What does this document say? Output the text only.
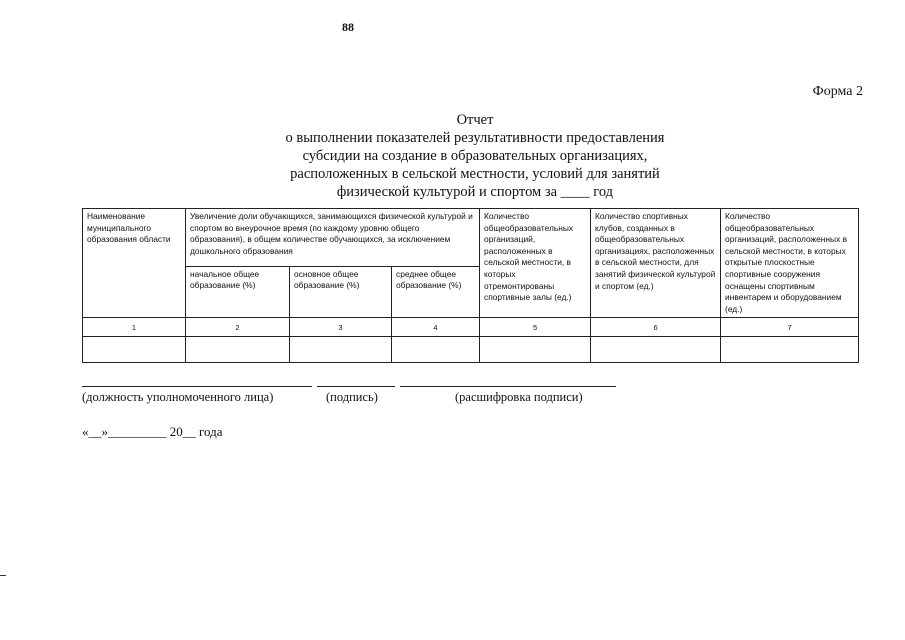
88
Форма 2
Отчет
о выполнении показателей результативности предоставления
субсидии на создание в образовательных организациях,
расположенных в сельской местности, условий для занятий
физической культурой и спортом за ____ год
Наименование муниципального образования области	Увеличение доли обучающихся, занимающихся физической культурой и спортом во внеурочное время (по каждому уровню общего образования), в общем количестве обучающихся, за исключением дошкольного образования			Количество общеобразовательных организаций, расположенных в сельской местности, в которых отремонтированы спортивные залы (ед.)	Количество спортивных клубов, созданных в общеобразовательных организациях, расположенных в сельской местности, для занятий физической культурой и спортом (ед.)	Количество общеобразовательных организаций, расположенных в сельской местности, в которых открытые плоскостные спортивные сооружения оснащены спортивным инвентарем и оборудованием (ед.)
	начальное общее образование (%)	основное общее образование (%)	среднее общее образование (%)			
1	2	3	4	5	6	7

(должность уполномоченного лица)	(подпись)	(расшифровка подписи)
«__»_________ 20__ года
